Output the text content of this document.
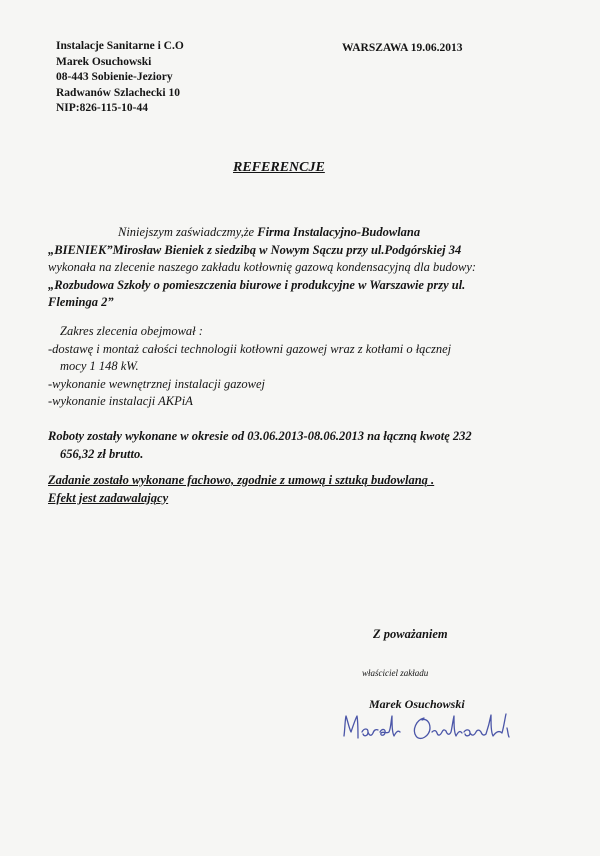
Instalacje Sanitarne i C.O
Marek Osuchowski
08-443 Sobienie-Jeziory
Radwanów Szlachecki 10
NIP:826-115-10-44
WARSZAWA 19.06.2013
REFERENCJE
Niniejszym zaświadczmy,że Firma Instalacyjno-Budowlana
„BIENIEK”Mirosław Bieniek z siedzibą w Nowym Sączu przy ul.Podgórskiej 34
wykonała na zlecenie naszego zakładu kotłownię gazową kondensacyjną dla budowy:
„Rozbudowa Szkoły o pomieszczenia biurowe i produkcyjne w Warszawie przy ul.
Fleminga 2”
Zakres zlecenia obejmował :
-dostawę i montaż całości technologii kotłowni gazowej wraz z kotłami o łącznej
mocy 1 148 kW.
-wykonanie wewnętrznej instalacji gazowej
-wykonanie instalacji AKPiA
Roboty zostały wykonane w okresie od 03.06.2013-08.06.2013 na łączną kwotę 232
656,32 zł brutto.
Zadanie zostało wykonane fachowo, zgodnie z umową i sztuką budowlaną .
Efekt jest zadawalający
Z poważaniem
właściciel zakładu
Marek Osuchowski
